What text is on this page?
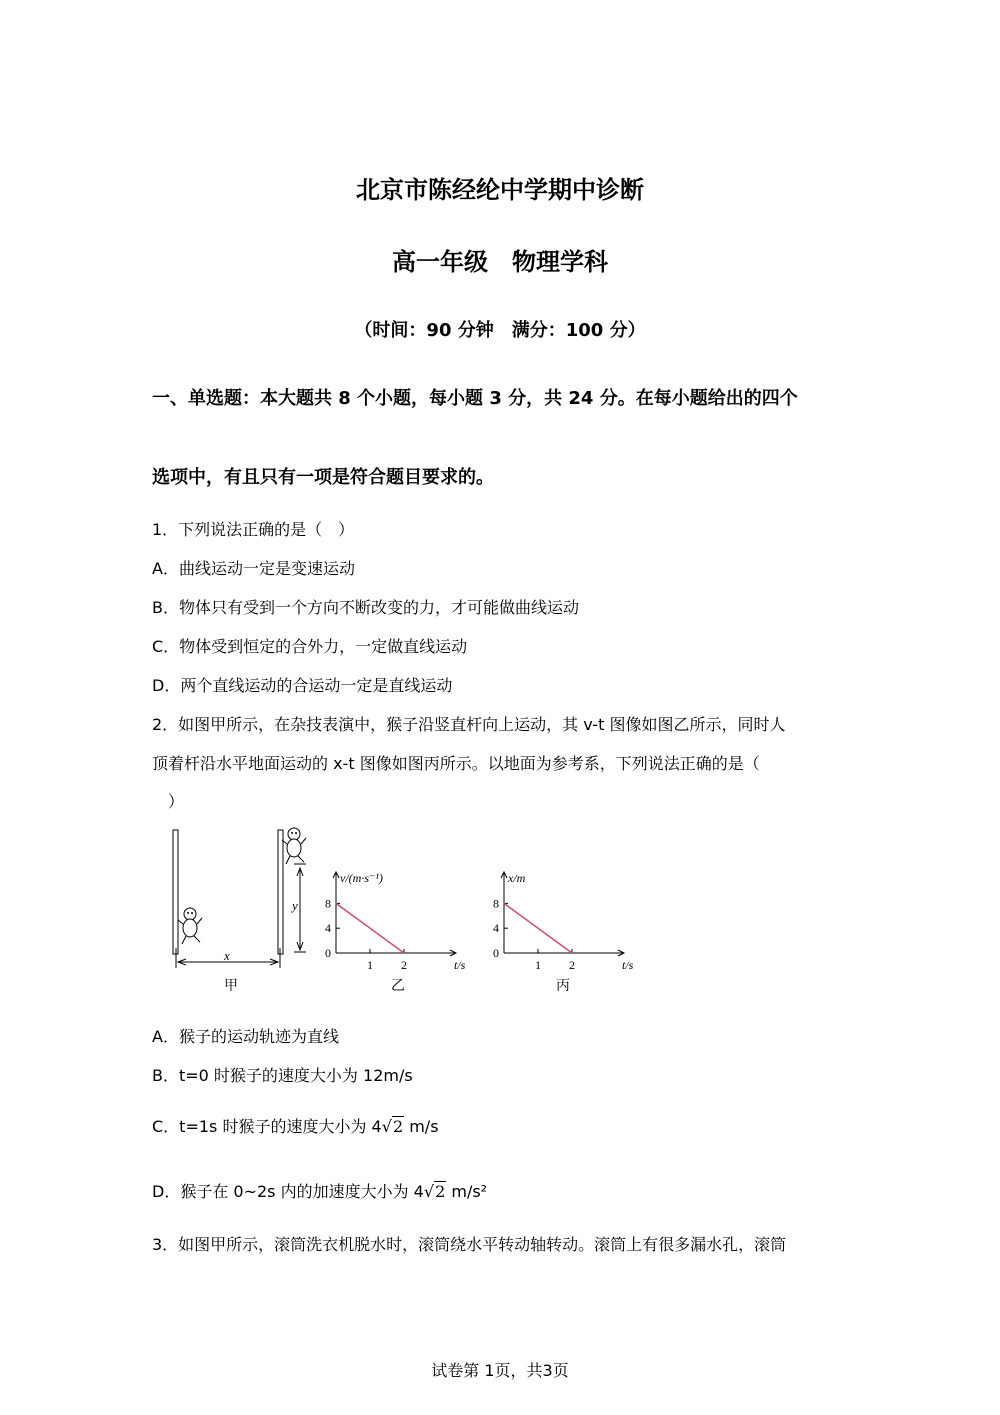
北京市陈经纶中学期中诊断
高一年级　物理学科
（时间：90 分钟　满分：100 分）
一、单选题：本大题共 8 个小题，每小题 3 分，共 24 分。在每小题给出的四个
选项中，有且只有一项是符合题目要求的。
1．下列说法正确的是（　）
A．曲线运动一定是变速运动
B．物体只有受到一个方向不断改变的力，才可能做曲线运动
C．物体受到恒定的合外力，一定做直线运动
D．两个直线运动的合运动一定是直线运动
2．如图甲所示，在杂技表演中，猴子沿竖直杆向上运动，其 v-t 图像如图乙所示，同时人
顶着杆沿水平地面运动的 x-t 图像如图丙所示。以地面为参考系，下列说法正确的是（
　）
y
x
甲
v/(m·s⁻¹)
t/s
0
4
8
1 2
乙
x/m
t/s
0
4
8
1 2
丙
A．猴子的运动轨迹为直线
B．t=0 时猴子的速度大小为 12m/s
C．t=1s 时猴子的速度大小为 4√2 m/s
D．猴子在 0~2s 内的加速度大小为 4√2 m/s²
3．如图甲所示，滚筒洗衣机脱水时，滚筒绕水平转动轴转动。滚筒上有很多漏水孔，滚筒
试卷第 1页，共3页
